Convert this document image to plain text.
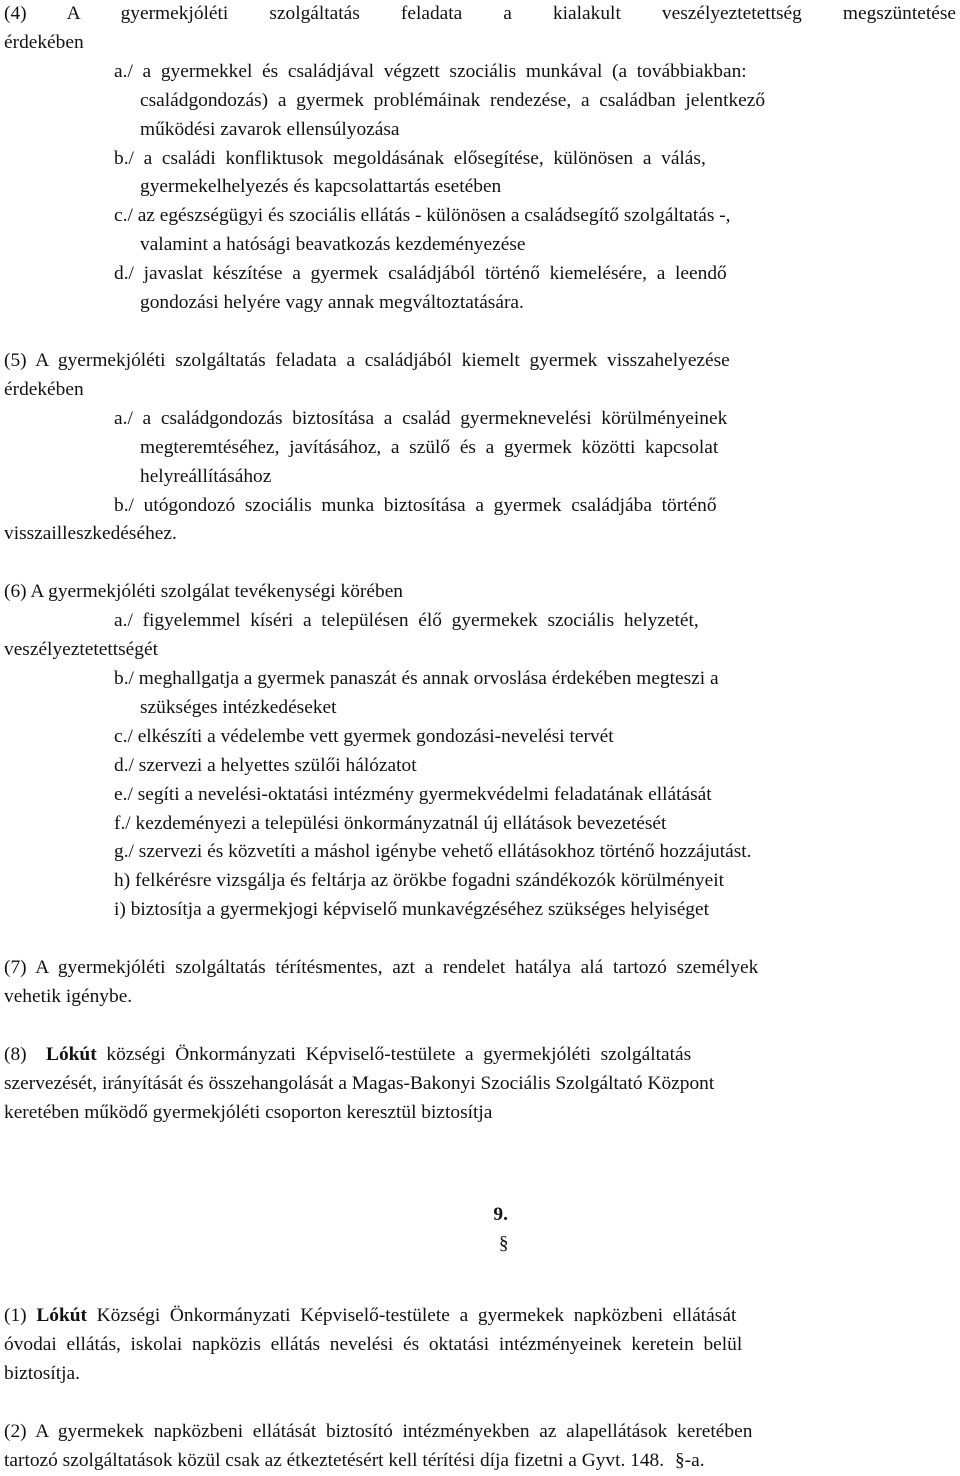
(4)  A  gyermekjóléti  szolgáltatás  feladata  a  kialakult  veszélyeztetettség  megszüntetése

érdekében

a./  a  gyermekkel  és  családjával  végzett  szociális  munkával  (a  továbbiakban:

családgondozás)  a  gyermek  problémáinak  rendezése,  a  családban  jelentkező

működési zavarok ellensúlyozása

b./  a  családi  konfliktusok  megoldásának  elősegítése,  különösen  a  válás,

gyermekelhelyezés és kapcsolattartás esetében

c./ az egészségügyi és szociális ellátás - különösen a családsegítő szolgáltatás -,

valamint a hatósági beavatkozás kezdeményezése

d./  javaslat  készítése  a  gyermek  családjából  történő  kiemelésére,  a  leendő

gondozási helyére vagy annak megváltoztatására.

(5)  A  gyermekjóléti  szolgáltatás  feladata  a  családjából  kiemelt  gyermek  visszahelyezése

érdekében

a./  a  családgondozás  biztosítása  a  család  gyermeknevelési  körülményeinek

megteremtéséhez,  javításához,  a  szülő  és  a  gyermek  közötti  kapcsolat

helyreállításához

b./  utógondozó  szociális  munka  biztosítása  a  gyermek  családjába  történő

visszailleszkedéséhez.

(6) A gyermekjóléti szolgálat tevékenységi körében

a./  figyelemmel  kíséri  a  településen  élő  gyermekek  szociális  helyzetét,

veszélyeztetettségét

b./ meghallgatja a gyermek panaszát és annak orvoslása érdekében megteszi a

szükséges intézkedéseket

c./ elkészíti a védelembe vett gyermek gondozási-nevelési tervét

d./ szervezi a helyettes szülői hálózatot

e./ segíti a nevelési-oktatási intézmény gyermekvédelmi feladatának ellátását

f./ kezdeményezi a települési önkormányzatnál új ellátások bevezetését

g./ szervezi és közvetíti a máshol igénybe vehető ellátásokhoz történő hozzájutást.

h) felkérésre vizsgálja és feltárja az örökbe fogadni szándékozók körülményeit

i) biztosítja a gyermekjogi képviselő munkavégzéséhez szükséges helyiséget

(7)  A  gyermekjóléti  szolgáltatás  térítésmentes,  azt  a  rendelet  hatálya  alá  tartozó  személyek

vehetik igénybe.

(8)    Lókút  községi  Önkormányzati  Képviselő-testülete  a  gyermekjóléti  szolgáltatás

szervezését, irányítását és összehangolását a Magas-Bakonyi Szociális Szolgáltató Központ

keretében működő gyermekjóléti csoporton keresztül biztosítja

9.
§

(1)  Lókút  Községi  Önkormányzati  Képviselő-testülete  a  gyermekek  napközbeni  ellátását

óvodai  ellátás,  iskolai  napközis  ellátás  nevelési  és  oktatási  intézményeinek  keretein  belül

biztosítja.

(2)  A  gyermekek  napközbeni  ellátását  biztosító  intézményekben  az  alapellátások  keretében

tartozó szolgáltatások közül csak az étkeztetésért kell térítési díja fizetni a Gyvt. 148. §-a.
